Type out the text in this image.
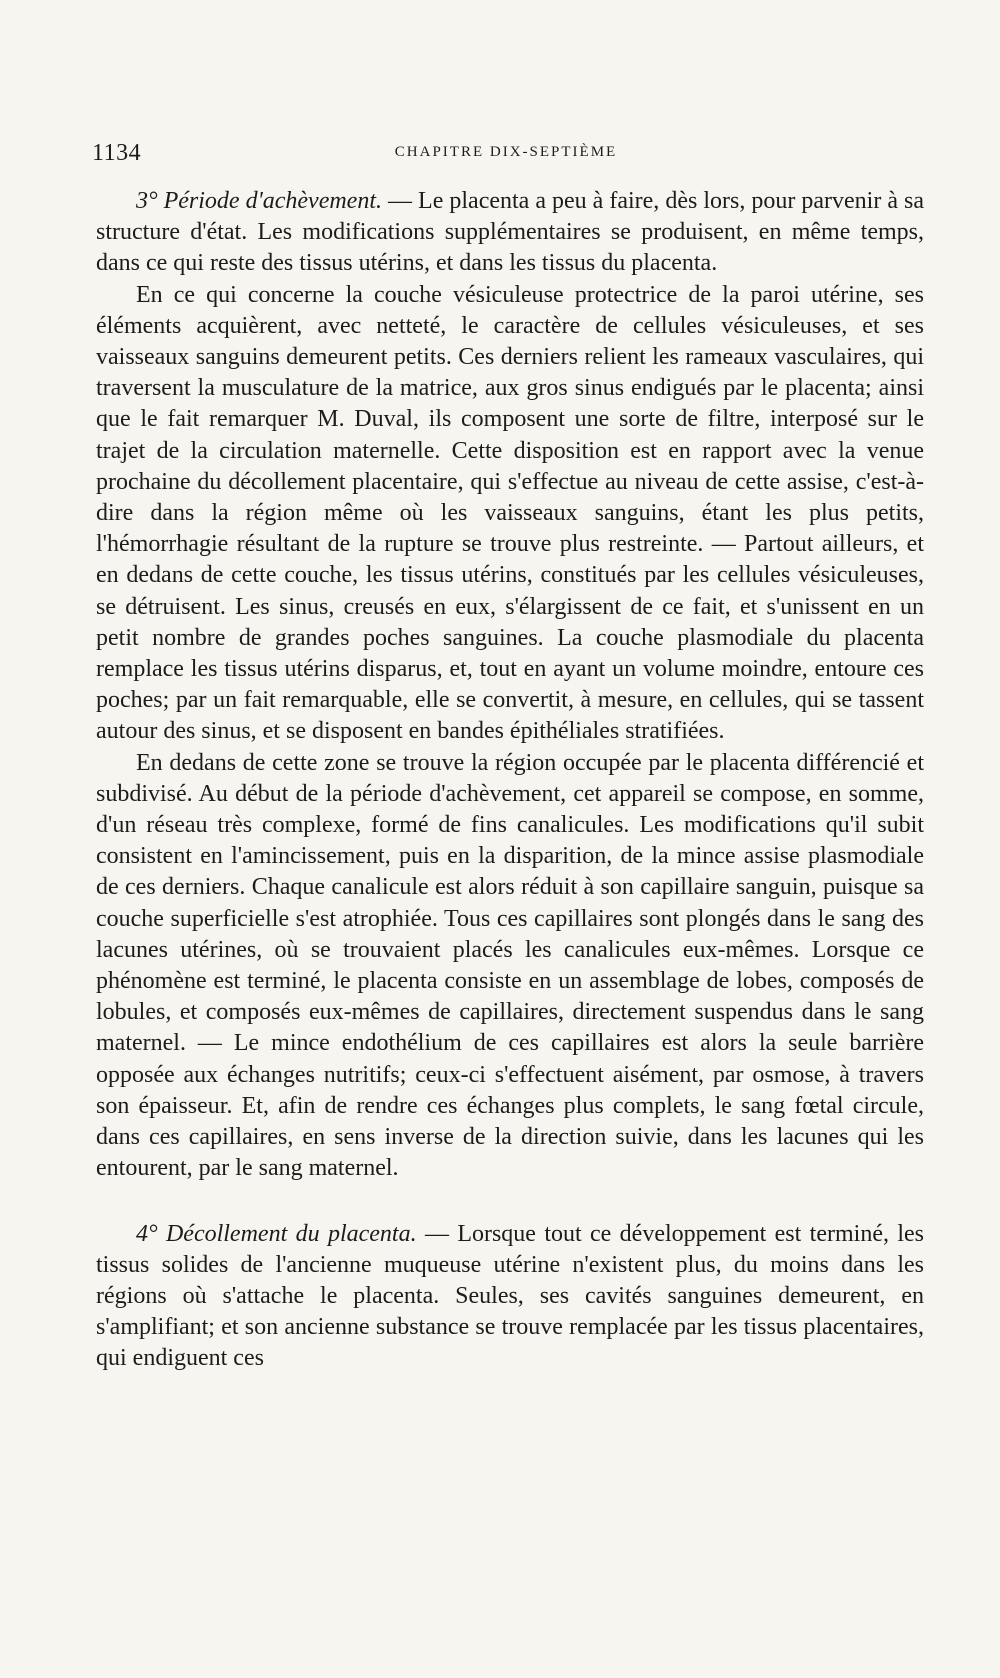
1134	CHAPITRE DIX-SEPTIÈME

3° Période d'achèvement. — Le placenta a peu à faire, dès lors, pour parvenir à sa structure d'état. Les modifications supplémentaires se produisent, en même temps, dans ce qui reste des tissus utérins, et dans les tissus du placenta.

En ce qui concerne la couche vésiculeuse protectrice de la paroi utérine, ses éléments acquièrent, avec netteté, le caractère de cellules vésiculeuses, et ses vaisseaux sanguins demeurent petits. Ces derniers relient les rameaux vasculaires, qui traversent la musculature de la matrice, aux gros sinus endigués par le placenta; ainsi que le fait remarquer M. Duval, ils composent une sorte de filtre, interposé sur le trajet de la circulation maternelle. Cette disposition est en rapport avec la venue prochaine du décollement placentaire, qui s'effectue au niveau de cette assise, c'est-à-dire dans la région même où les vaisseaux sanguins, étant les plus petits, l'hémorrhagie résultant de la rupture se trouve plus restreinte. — Partout ailleurs, et en dedans de cette couche, les tissus utérins, constitués par les cellules vésiculeuses, se détruisent. Les sinus, creusés en eux, s'élargissent de ce fait, et s'unissent en un petit nombre de grandes poches sanguines. La couche plasmodiale du placenta remplace les tissus utérins disparus, et, tout en ayant un volume moindre, entoure ces poches; par un fait remarquable, elle se convertit, à mesure, en cellules, qui se tassent autour des sinus, et se disposent en bandes épithéliales stratifiées.

En dedans de cette zone se trouve la région occupée par le placenta différencié et subdivisé. Au début de la période d'achèvement, cet appareil se compose, en somme, d'un réseau très complexe, formé de fins canalicules. Les modifications qu'il subit consistent en l'amincissement, puis en la disparition, de la mince assise plasmodiale de ces derniers. Chaque canalicule est alors réduit à son capillaire sanguin, puisque sa couche superficielle s'est atrophiée. Tous ces capillaires sont plongés dans le sang des lacunes utérines, où se trouvaient placés les canalicules eux-mêmes. Lorsque ce phénomène est terminé, le placenta consiste en un assemblage de lobes, composés de lobules, et composés eux-mêmes de capillaires, directement suspendus dans le sang maternel. — Le mince endothélium de ces capillaires est alors la seule barrière opposée aux échanges nutritifs; ceux-ci s'effectuent aisément, par osmose, à travers son épaisseur. Et, afin de rendre ces échanges plus complets, le sang fœtal circule, dans ces capillaires, en sens inverse de la direction suivie, dans les lacunes qui les entourent, par le sang maternel.

4° Décollement du placenta. — Lorsque tout ce développement est terminé, les tissus solides de l'ancienne muqueuse utérine n'existent plus, du moins dans les régions où s'attache le placenta. Seules, ses cavités sanguines demeurent, en s'amplifiant; et son ancienne substance se trouve remplacée par les tissus placentaires, qui endiguent ces
